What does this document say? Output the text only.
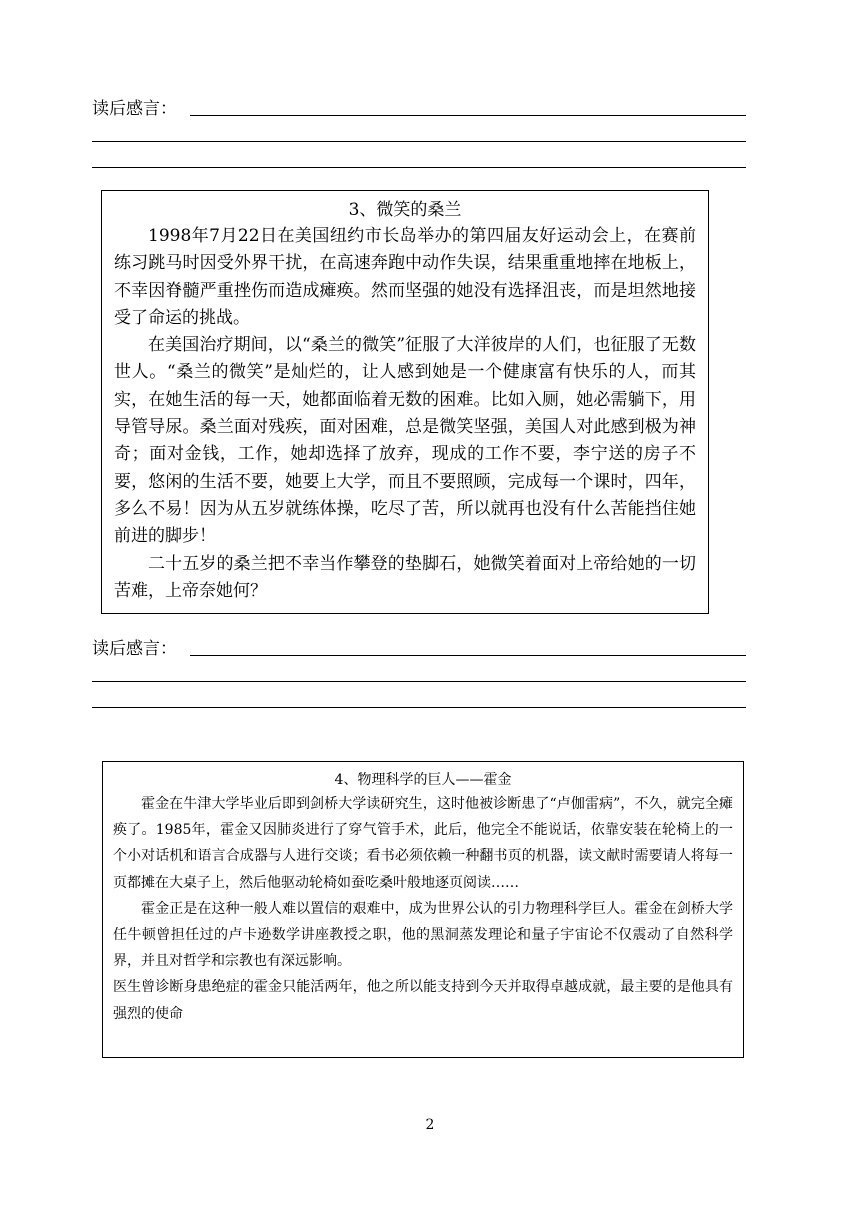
读后感言：
3、微笑的桑兰

1998年7月22日在美国纽约市长岛举办的第四届友好运动会上，在赛前练习跳马时因受外界干扰，在高速奔跑中动作失误，结果重重地摔在地板上，不幸因脊髓严重挫伤而造成瘫痪。然而坚强的她没有选择沮丧，而是坦然地接受了命运的挑战。

在美国治疗期间，以“桑兰的微笑”征服了大洋彼岸的人们，也征服了无数世人。“桑兰的微笑”是灿烂的，让人感到她是一个健康富有快乐的人，而其实，在她生活的每一天，她都面临着无数的困难。比如入厕，她必需躺下，用导管导尿。桑兰面对残疾，面对困难，总是微笑坚强，美国人对此感到极为神奇；面对金钱，工作，她却选择了放弃，现成的工作不要，李宁送的房子不要，悠闲的生活不要，她要上大学，而且不要照顾，完成每一个课时，四年，多么不易！因为从五岁就练体操，吃尽了苦，所以就再也没有什么苦能挡住她前进的脚步！

二十五岁的桑兰把不幸当作攀登的垫脚石，她微笑着面对上帝给她的一切苦难，上帝奈她何？

读后感言：
4、物理科学的巨人——霍金

霍金在牛津大学毕业后即到剑桥大学读研究生，这时他被诊断患了“卢伽雷病”，不久，就完全瘫痪了。1985年，霍金又因肺炎进行了穿气管手术，此后，他完全不能说话，依靠安装在轮椅上的一个小对话机和语言合成器与人进行交谈；看书必须依赖一种翻书页的机器，读文献时需要请人将每一页都摊在大桌子上，然后他驱动轮椅如蚕吃桑叶般地逐页阅读……

霍金正是在这种一般人难以置信的艰难中，成为世界公认的引力物理科学巨人。霍金在剑桥大学任牛顿曾担任过的卢卡逊数学讲座教授之职，他的黑洞蒸发理论和量子宇宙论不仅震动了自然科学界，并且对哲学和宗教也有深远影响。

医生曾诊断身患绝症的霍金只能活两年，他之所以能支持到今天并取得卓越成就，最主要的是他具有强烈的使命

2
